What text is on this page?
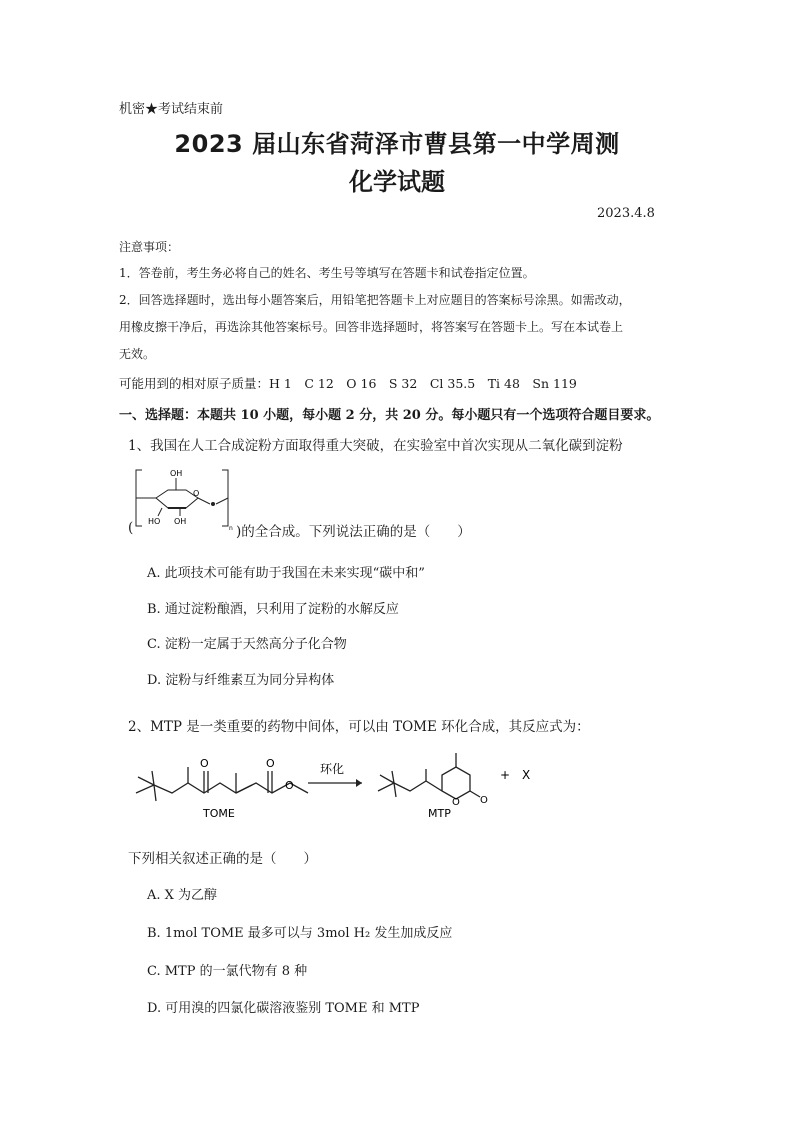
机密★考试结束前
2023 届山东省菏泽市曹县第一中学周测
化学试题
2023.4.8
注意事项：
1．答卷前，考生务必将自己的姓名、考生号等填写在答题卡和试卷指定位置。
2．回答选择题时，选出每小题答案后，用铅笔把答题卡上对应题目的答案标号涂黑。如需改动，
用橡皮擦干净后，再选涂其他答案标号。回答非选择题时，将答案写在答题卡上。写在本试卷上
无效。
可能用到的相对原子质量：H 1　C 12　O 16　S 32　Cl 35.5　Ti 48　Sn 119
一、选择题：本题共 10 小题，每小题 2 分，共 20 分。每小题只有一个选项符合题目要求。
1、我国在人工合成淀粉方面取得重大突破，在实验室中首次实现从二氧化碳到淀粉
(
O
OH
HO OH
n )的全合成。下列说法正确的是（　　）
A. 此项技术可能有助于我国在未来实现“碳中和”
B. 通过淀粉酿酒，只利用了淀粉的水解反应
C. 淀粉一定属于天然高分子化合物
D. 淀粉与纤维素互为同分异构体
2、MTP 是一类重要的药物中间体，可以由 TOME 环化合成，其反应式为：
O	O
O
TOME
环化
O O
MTP
+　X
下列相关叙述正确的是（　　）
A. X 为乙醇
B. 1mol TOME 最多可以与 3mol H₂ 发生加成反应
C. MTP 的一氯代物有 8 种
D. 可用溴的四氯化碳溶液鉴别 TOME 和 MTP
